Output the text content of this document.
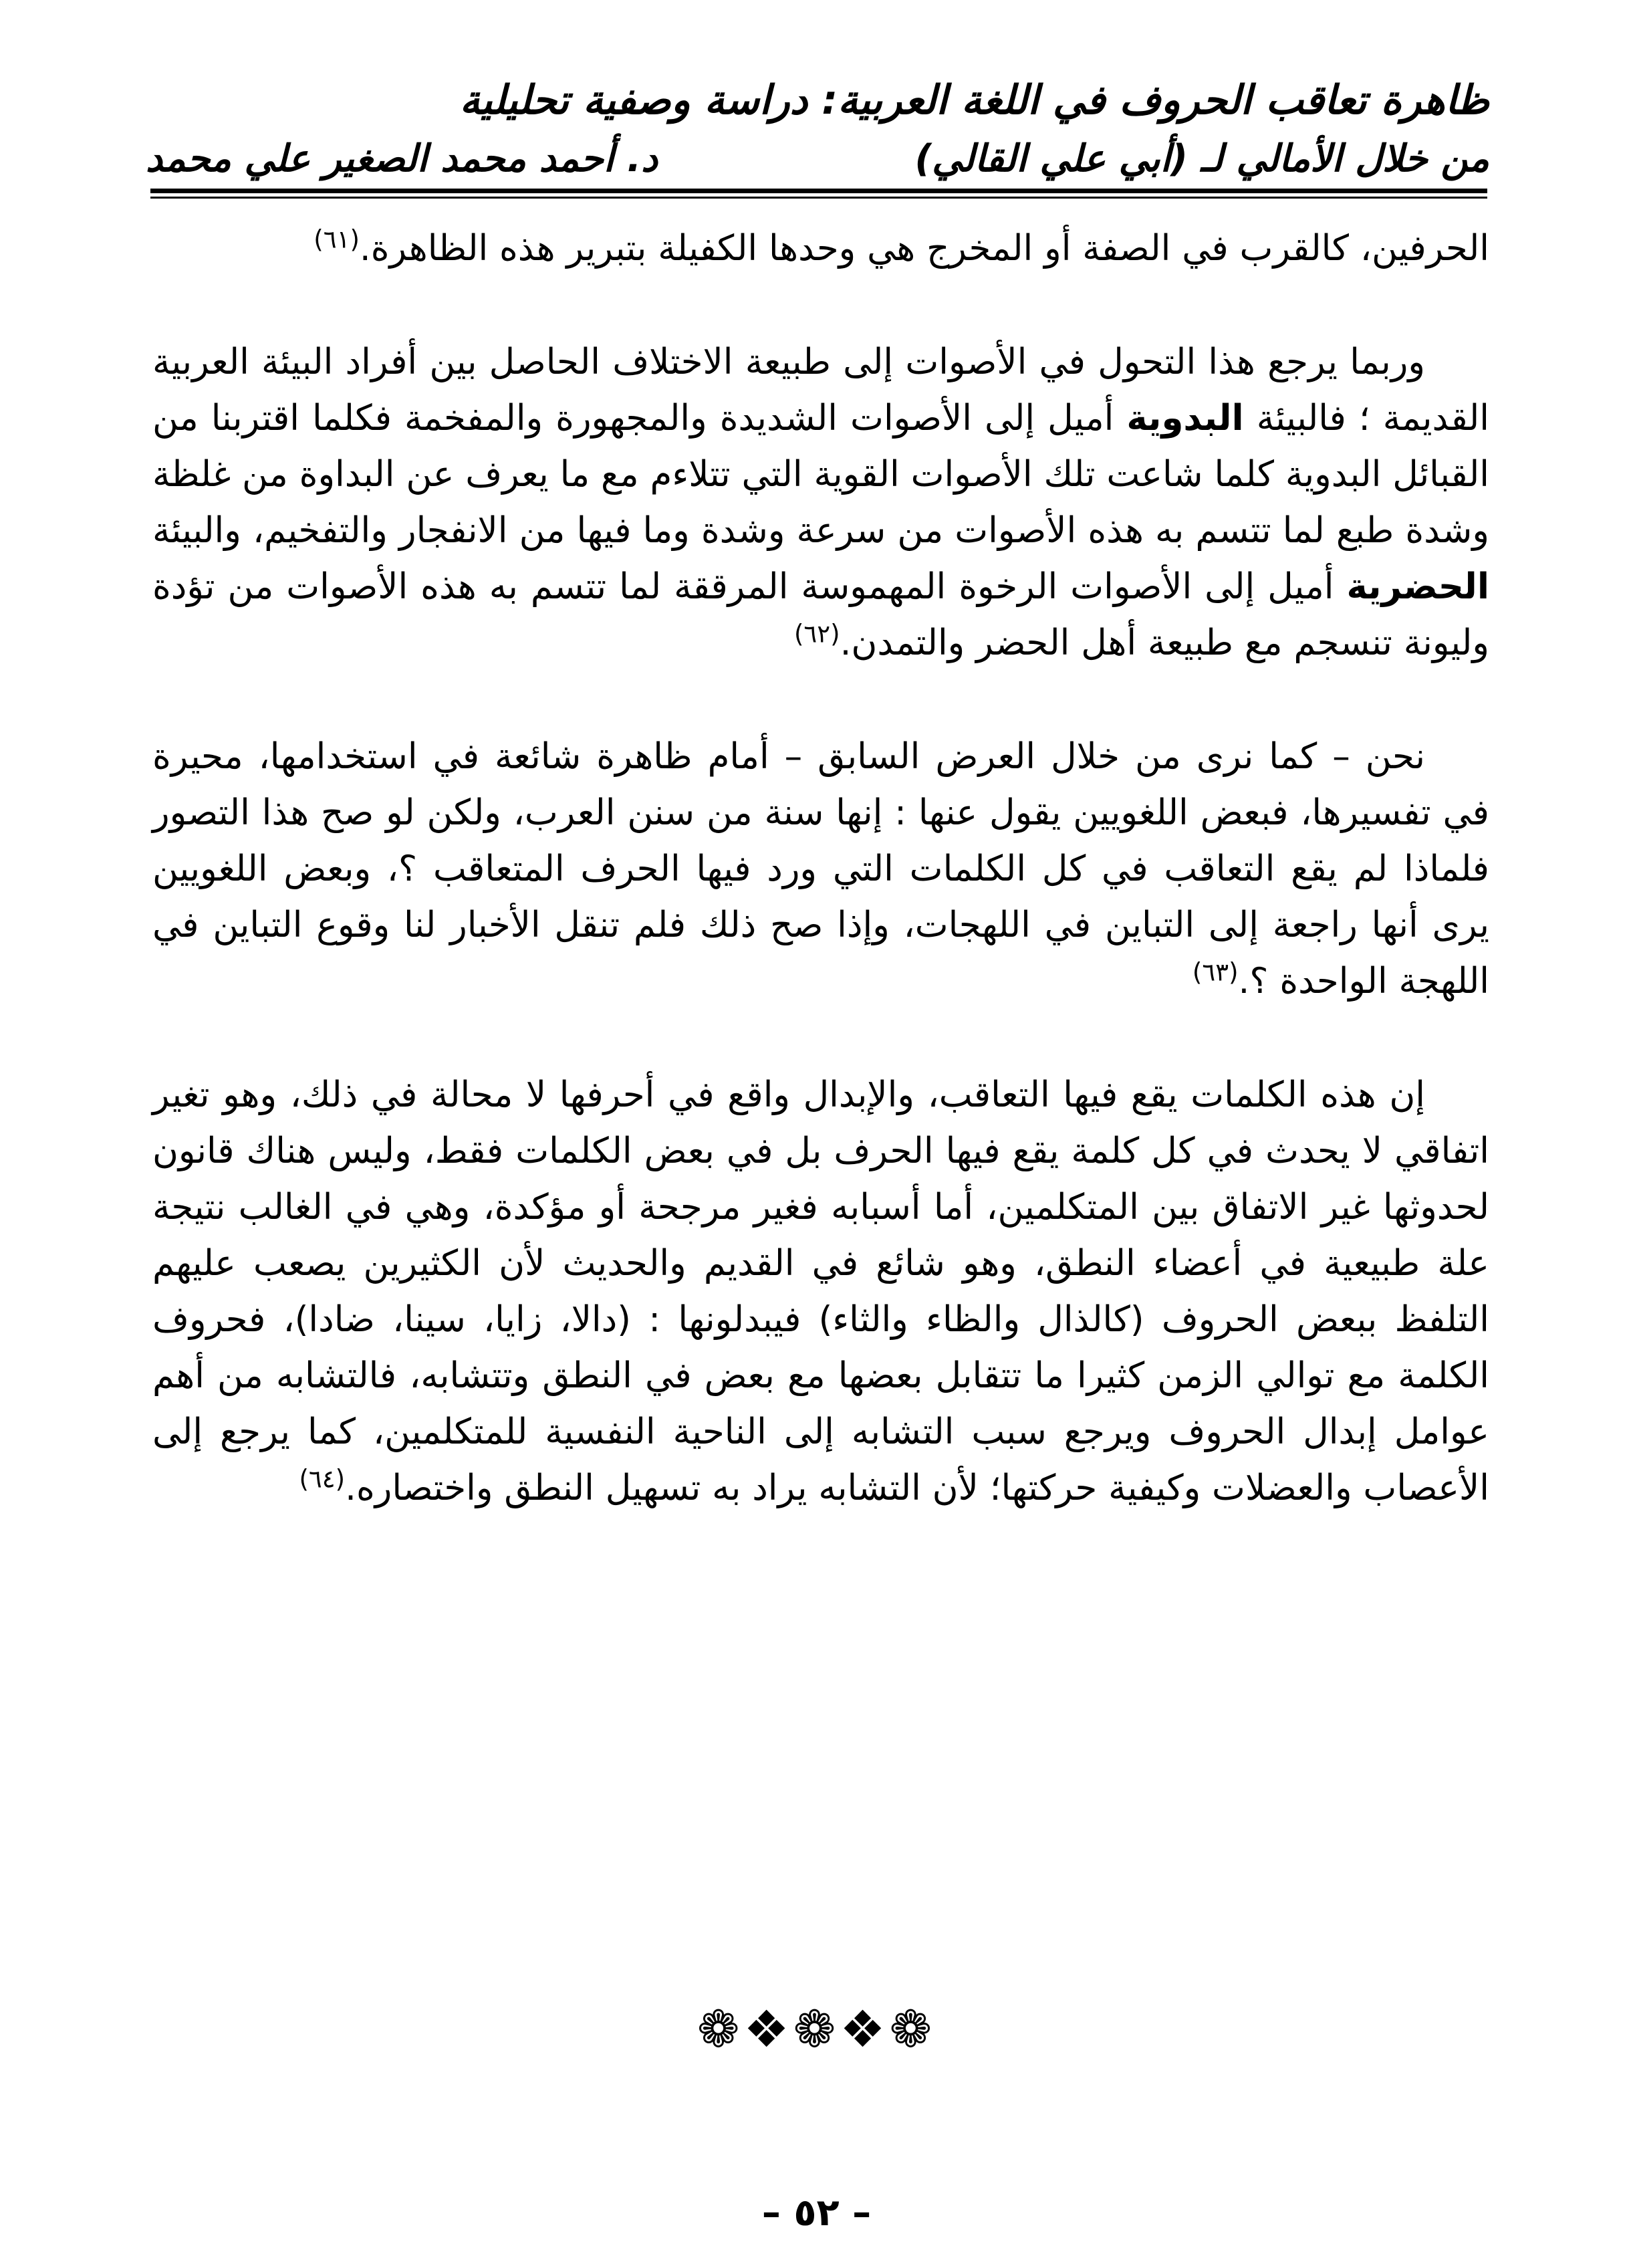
ظاهرة تعاقب الحروف في اللغة العربية: دراسة وصفية تحليلية
من خلال الأمالي لـ (أبي علي القالي)
د. أحمد محمد الصغير علي محمد

الحرفين، كالقرب في الصفة أو المخرج هي وحدها الكفيلة بتبرير هذه الظاهرة.$^{(٦١)}$

وربما يرجع هذا التحول في الأصوات إلى طبيعة الاختلاف الحاصل بين أفراد البيئة العربية القديمة ؛ فالبيئة البدوية أميل إلى الأصوات الشديدة والمجهورة والمفخمة فكلما اقتربنا من القبائل البدوية كلما شاعت تلك الأصوات القوية التي تتلاءم مع ما يعرف عن البداوة من غلظة وشدة طبع لما تتسم به هذه الأصوات من سرعة وشدة وما فيها من الانفجار والتفخيم، والبيئة الحضرية أميل إلى الأصوات الرخوة المهموسة المرققة لما تتسم به هذه الأصوات من تؤدة وليونة تنسجم مع طبيعة أهل الحضر والتمدن.$^{(٦٢)}$

نحن – كما نرى من خلال العرض السابق – أمام ظاهرة شائعة في استخدامها، محيرة في تفسيرها، فبعض اللغويين يقول عنها : إنها سنة من سنن العرب، ولكن لو صح هذا التصور فلماذا لم يقع التعاقب في كل الكلمات التي ورد فيها الحرف المتعاقب ؟، وبعض اللغويين يرى أنها راجعة إلى التباين في اللهجات، وإذا صح ذلك فلم تنقل الأخبار لنا وقوع التباين في اللهجة الواحدة ؟.$^{(٦٣)}$

إن هذه الكلمات يقع فيها التعاقب، والإبدال واقع في أحرفها لا محالة في ذلك، وهو تغير اتفاقي لا يحدث في كل كلمة يقع فيها الحرف بل في بعض الكلمات فقط، وليس هناك قانون لحدوثها غير الاتفاق بين المتكلمين، أما أسبابه فغير مرجحة أو مؤكدة، وهي في الغالب نتيجة علة طبيعية في أعضاء النطق، وهو شائع في القديم والحديث لأن الكثيرين يصعب عليهم التلفظ ببعض الحروف (كالذال والظاء والثاء) فيبدلونها : (دالا، زايا، سينا، ضادا)، فحروف الكلمة مع توالي الزمن كثيرا ما تتقابل بعضها مع بعض في النطق وتتشابه، فالتشابه من أهم عوامل إبدال الحروف ويرجع سبب التشابه إلى الناحية النفسية للمتكلمين، كما يرجع إلى الأعصاب والعضلات وكيفية حركتها؛ لأن التشابه يراد به تسهيل النطق واختصاره.$^{(٦٤)}$

❁❖❁❖❁
– ٥٢ –
